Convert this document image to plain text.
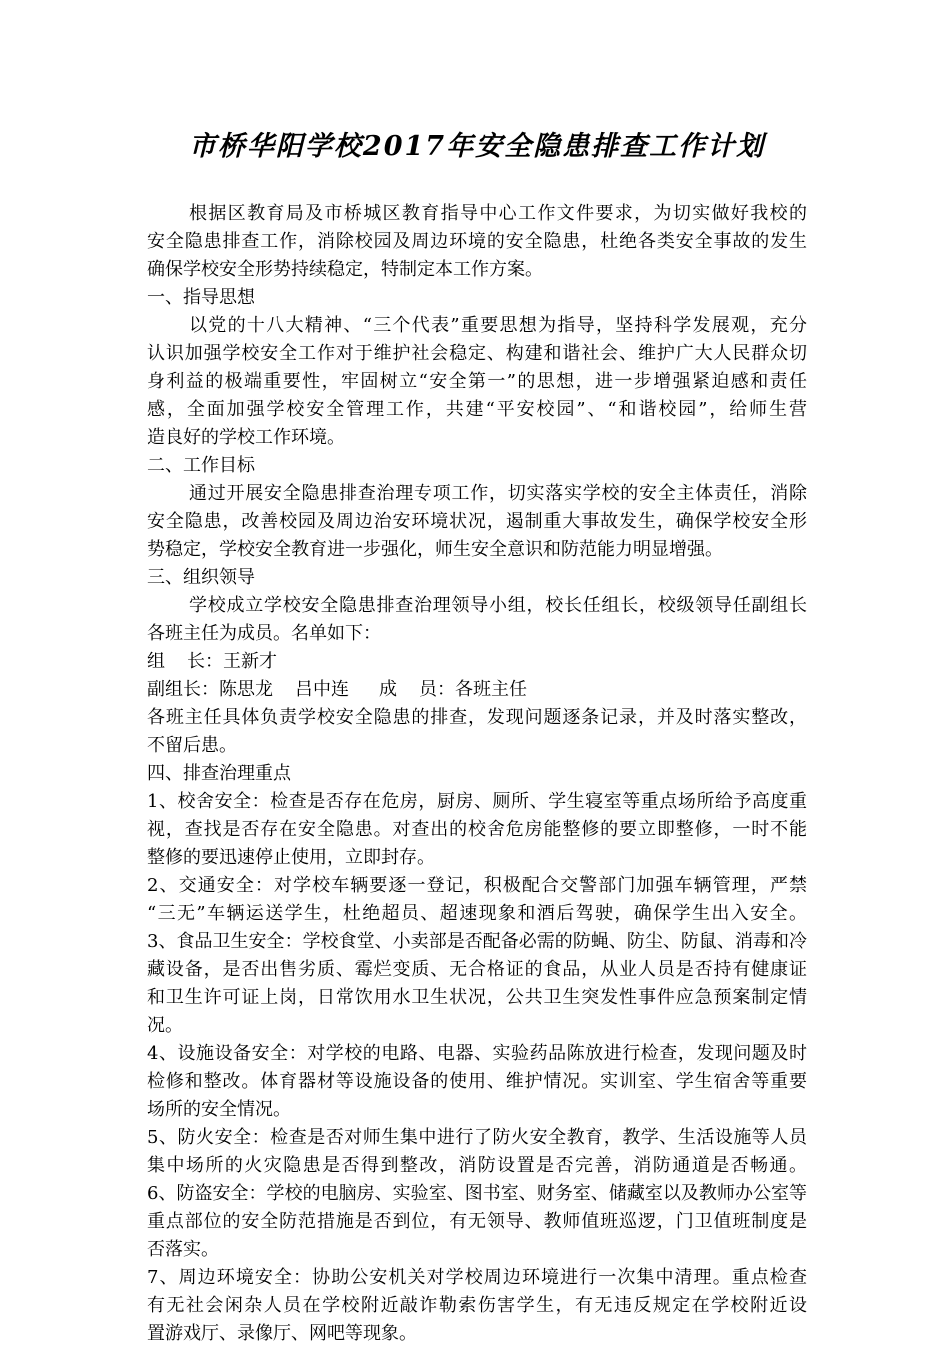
市桥华阳学校2017年安全隐患排查工作计划

根据区教育局及市桥城区教育指导中心工作文件要求，为切实做好我校的

安全隐患排查工作，消除校园及周边环境的安全隐患，杜绝各类安全事故的发生

确保学校安全形势持续稳定，特制定本工作方案。

一、指导思想

以党的十八大精神、“三个代表”重要思想为指导，坚持科学发展观，充分

认识加强学校安全工作对于维护社会稳定、构建和谐社会、维护广大人民群众切

身利益的极端重要性，牢固树立“安全第一”的思想，进一步增强紧迫感和责任

感，全面加强学校安全管理工作，共建“平安校园”、“和谐校园”，给师生营

造良好的学校工作环境。

二、工作目标

通过开展安全隐患排查治理专项工作，切实落实学校的安全主体责任，消除

安全隐患，改善校园及周边治安环境状况，遏制重大事故发生，确保学校安全形

势稳定，学校安全教育进一步强化，师生安全意识和防范能力明显增强。

三、组织领导

学校成立学校安全隐患排查治理领导小组，校长任组长，校级领导任副组长

各班主任为成员。名单如下：

组 长：王新才

副组长：陈思龙 吕中连 成 员：各班主任

各班主任具体负责学校安全隐患的排查，发现问题逐条记录，并及时落实整改，

不留后患。

四、排查治理重点

1、校舍安全：检查是否存在危房，厨房、厕所、学生寝室等重点场所给予高度重

视，查找是否存在安全隐患。对查出的校舍危房能整修的要立即整修，一时不能

整修的要迅速停止使用，立即封存。

2、交通安全：对学校车辆要逐一登记，积极配合交警部门加强车辆管理，严禁

“三无”车辆运送学生，杜绝超员、超速现象和酒后驾驶，确保学生出入安全。

3、食品卫生安全：学校食堂、小卖部是否配备必需的防蝇、防尘、防鼠、消毒和冷

藏设备，是否出售劣质、霉烂变质、无合格证的食品，从业人员是否持有健康证

和卫生许可证上岗，日常饮用水卫生状况，公共卫生突发性事件应急预案制定情

况。

4、设施设备安全：对学校的电路、电器、实验药品陈放进行检查，发现问题及时

检修和整改。体育器材等设施设备的使用、维护情况。实训室、学生宿舍等重要

场所的安全情况。

5、防火安全：检查是否对师生集中进行了防火安全教育，教学、生活设施等人员

集中场所的火灾隐患是否得到整改，消防设置是否完善，消防通道是否畅通。

6、防盗安全：学校的电脑房、实验室、图书室、财务室、储藏室以及教师办公室等

重点部位的安全防范措施是否到位，有无领导、教师值班巡逻，门卫值班制度是

否落实。

7、周边环境安全：协助公安机关对学校周边环境进行一次集中清理。重点检查

有无社会闲杂人员在学校附近敲诈勒索伤害学生，有无违反规定在学校附近设

置游戏厅、录像厅、网吧等现象。
